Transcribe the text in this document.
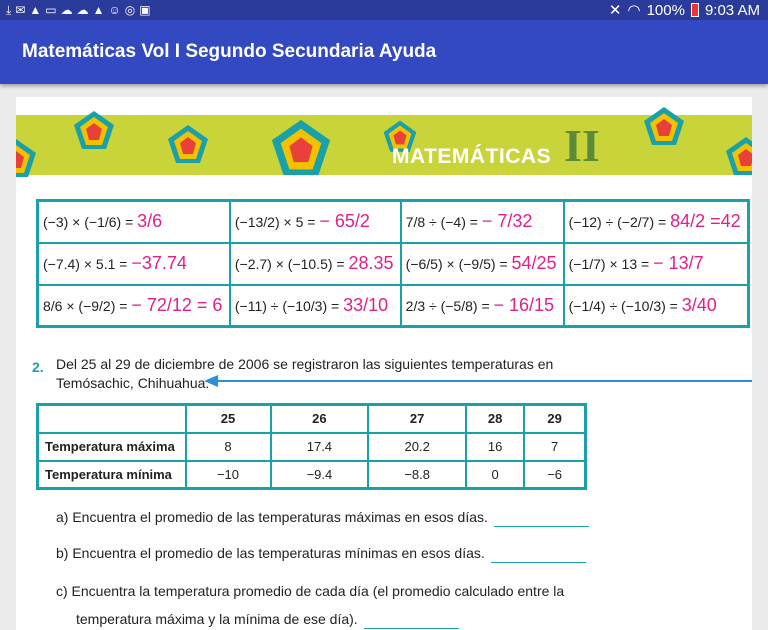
⤓ ✉ ▲ ▭ ☁ ☁ ▲ ☺ ◎ ▣	✕ ◠ 100% 9:03 AM
Matemáticas Vol I Segundo Secundaria Ayuda
MATEMÁTICAS II
(−3) × (−1/6) = 3/6	(−13/2) × 5 = − 65/2	7/8 ÷ (−4) = − 7/32	(−12) ÷ (−2/7) = 84/2 =42
(−7.4) × 5.1 = −37.74	(−2.7) × (−10.5) = 28.35	(−6/5) × (−9/5) = 54/25	(−1/7) × 13 = − 13/7
8/6 × (−9/2) = − 72/12 = 6	(−11) ÷ (−10/3) = 33/10	2/3 ÷ (−5/8) = − 16/15	(−1/4) ÷ (−10/3) = 3/40
2. Del 25 al 29 de diciembre de 2006 se registraron las siguientes temperaturas en Temósachic, Chihuahua:
	25	26	27	28	29
Temperatura máxima	8	17.4	20.2	16	7
Temperatura mínima	−10	−9.4	−8.8	0	−6
a) Encuentra el promedio de las temperaturas máximas en esos días.
b) Encuentra el promedio de las temperaturas mínimas en esos días.
c) Encuentra la temperatura promedio de cada día (el promedio calculado entre la
temperatura máxima y la mínima de ese día).
